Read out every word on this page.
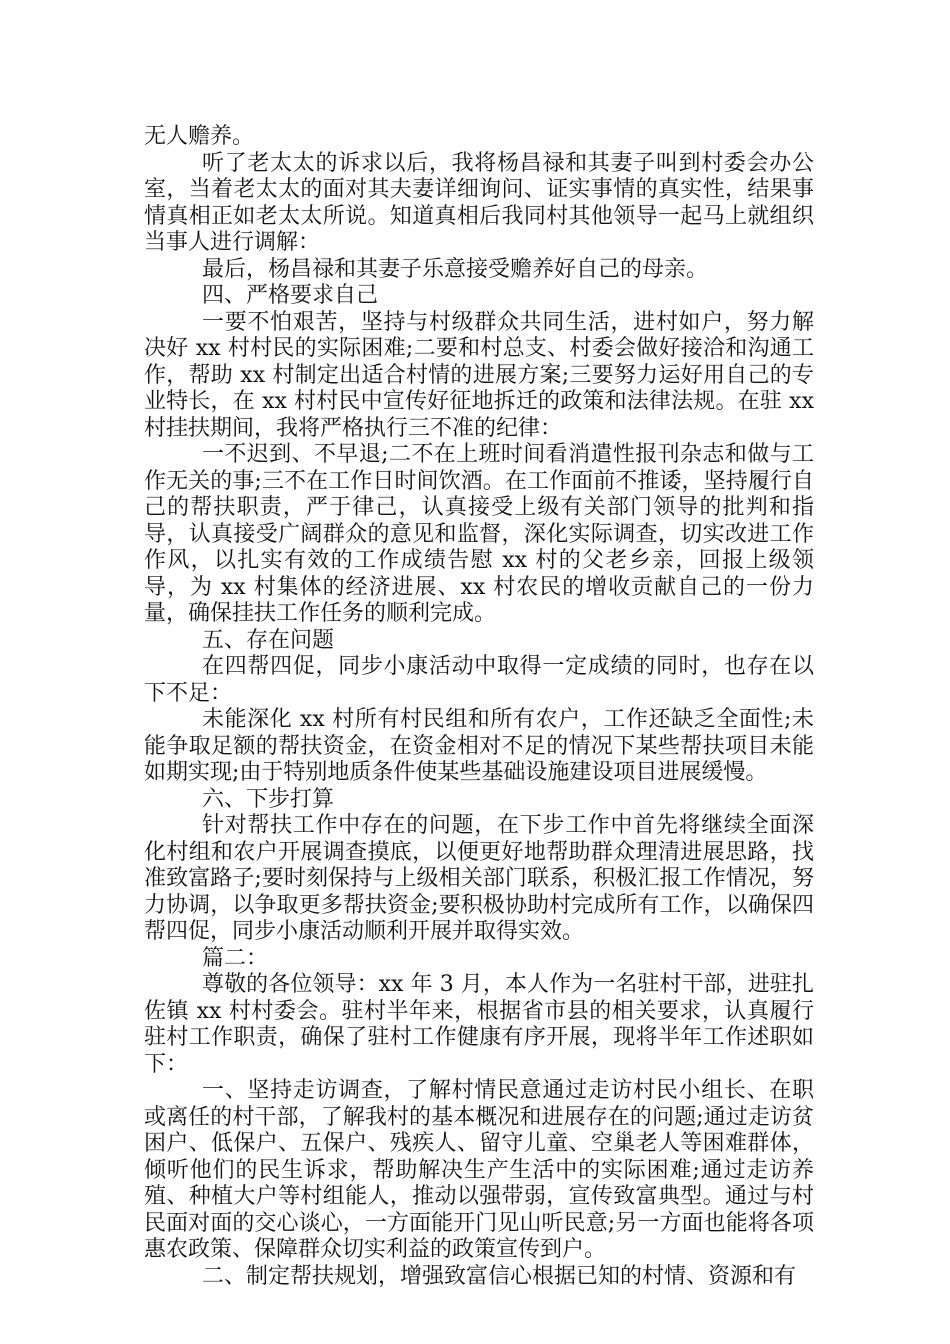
无人赡养。

听了老太太的诉求以后，我将杨昌禄和其妻子叫到村委会办公室，当着老太太的面对其夫妻详细询问、证实事情的真实性，结果事情真相正如老太太所说。知道真相后我同村其他领导一起马上就组织当事人进行调解：

最后，杨昌禄和其妻子乐意接受赡养好自己的母亲。

四、严格要求自己

一要不怕艰苦，坚持与村级群众共同生活，进村如户，努力解决好 xx 村村民的实际困难;二要和村总支、村委会做好接洽和沟通工作，帮助 xx 村制定出适合村情的进展方案;三要努力运好用自己的专业特长，在 xx 村村民中宣传好征地拆迁的政策和法律法规。在驻 xx 村挂扶期间，我将严格执行三不准的纪律：

一不迟到、不早退;二不在上班时间看消遣性报刊杂志和做与工作无关的事;三不在工作日时间饮酒。在工作面前不推诿，坚持履行自己的帮扶职责，严于律己，认真接受上级有关部门领导的批判和指导，认真接受广阔群众的意见和监督，深化实际调查，切实改进工作作风，以扎实有效的工作成绩告慰 xx 村的父老乡亲，回报上级领导，为 xx 村集体的经济进展、xx 村农民的增收贡献自己的一份力量，确保挂扶工作任务的顺利完成。

五、存在问题

在四帮四促，同步小康活动中取得一定成绩的同时，也存在以下不足：

未能深化 xx 村所有村民组和所有农户，工作还缺乏全面性;未能争取足额的帮扶资金，在资金相对不足的情况下某些帮扶项目未能如期实现;由于特别地质条件使某些基础设施建设项目进展缓慢。

六、下步打算

针对帮扶工作中存在的问题，在下步工作中首先将继续全面深化村组和农户开展调查摸底，以便更好地帮助群众理清进展思路，找准致富路子;要时刻保持与上级相关部门联系，积极汇报工作情况，努力协调，以争取更多帮扶资金;要积极协助村完成所有工作，以确保四帮四促，同步小康活动顺利开展并取得实效。

篇二：

尊敬的各位领导：xx 年 3 月，本人作为一名驻村干部，进驻扎佐镇 xx 村村委会。驻村半年来，根据省市县的相关要求，认真履行驻村工作职责，确保了驻村工作健康有序开展，现将半年工作述职如下：

一、坚持走访调查，了解村情民意通过走访村民小组长、在职或离任的村干部，了解我村的基本概况和进展存在的问题;通过走访贫困户、低保户、五保户、残疾人、留守儿童、空巢老人等困难群体，倾听他们的民生诉求，帮助解决生产生活中的实际困难;通过走访养殖、种植大户等村组能人，推动以强带弱，宣传致富典型。通过与村民面对面的交心谈心，一方面能开门见山听民意;另一方面也能将各项惠农政策、保障群众切实利益的政策宣传到户。

二、制定帮扶规划，增强致富信心根据已知的村情、资源和有
